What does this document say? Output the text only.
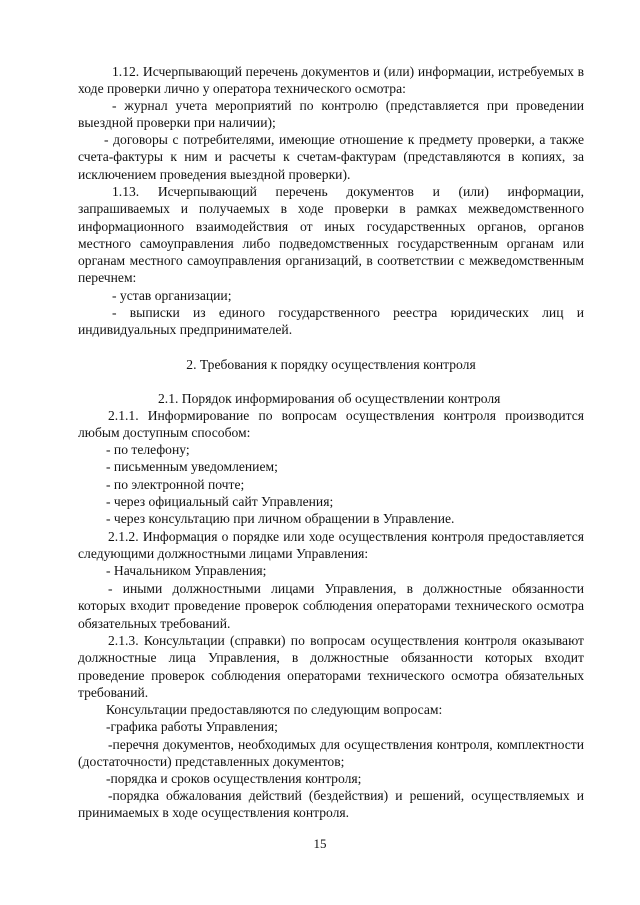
1.12. Исчерпывающий перечень документов и (или) информации, истребуемых в ходе проверки лично у оператора технического осмотра:
- журнал учета мероприятий по контролю (представляется при проведении выездной проверки при наличии);
- договоры с потребителями, имеющие отношение к предмету проверки, а также счета-фактуры к ним и расчеты к счетам-фактурам (представляются в копиях, за исключением проведения выездной проверки).
1.13. Исчерпывающий перечень документов и (или) информации, запрашиваемых и получаемых в ходе проверки в рамках межведомственного информационного взаимодействия от иных государственных органов, органов местного самоуправления либо подведомственных государственным органам или органам местного самоуправления организаций, в соответствии с межведомственным перечнем:
- устав организации;
- выписки из единого государственного реестра юридических лиц и индивидуальных предпринимателей.
2. Требования к порядку осуществления контроля
2.1. Порядок информирования об осуществлении контроля
2.1.1. Информирование по вопросам осуществления контроля производится любым доступным способом:
- по телефону;
- письменным уведомлением;
- по электронной почте;
- через официальный сайт Управления;
- через консультацию при личном обращении в Управление.
2.1.2. Информация о порядке или ходе осуществления контроля предоставляется следующими должностными лицами Управления:
- Начальником Управления;
- иными должностными лицами Управления, в должностные обязанности которых входит проведение проверок соблюдения операторами технического осмотра обязательных требований.
2.1.3. Консультации (справки) по вопросам осуществления контроля оказывают должностные лица Управления, в должностные обязанности которых входит проведение проверок соблюдения операторами технического осмотра обязательных требований.
Консультации предоставляются по следующим вопросам:
-графика работы Управления;
-перечня документов, необходимых для осуществления контроля, комплектности (достаточности) представленных документов;
-порядка и сроков осуществления контроля;
-порядка обжалования действий (бездействия) и решений, осуществляемых и принимаемых в ходе осуществления контроля.
15
